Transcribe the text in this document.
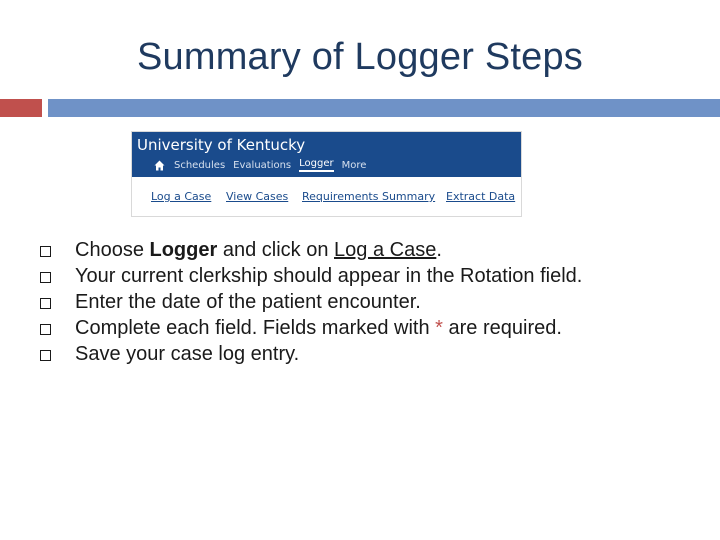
Summary of Logger Steps
University of Kentucky
Schedules Evaluations Logger More
Log a Case View Cases Requirements Summary Extract Data
Choose Logger and click on Log a Case.
Your current clerkship should appear in the Rotation field.
Enter the date of the patient encounter.
Complete each field. Fields marked with * are required.
Save your case log entry.
